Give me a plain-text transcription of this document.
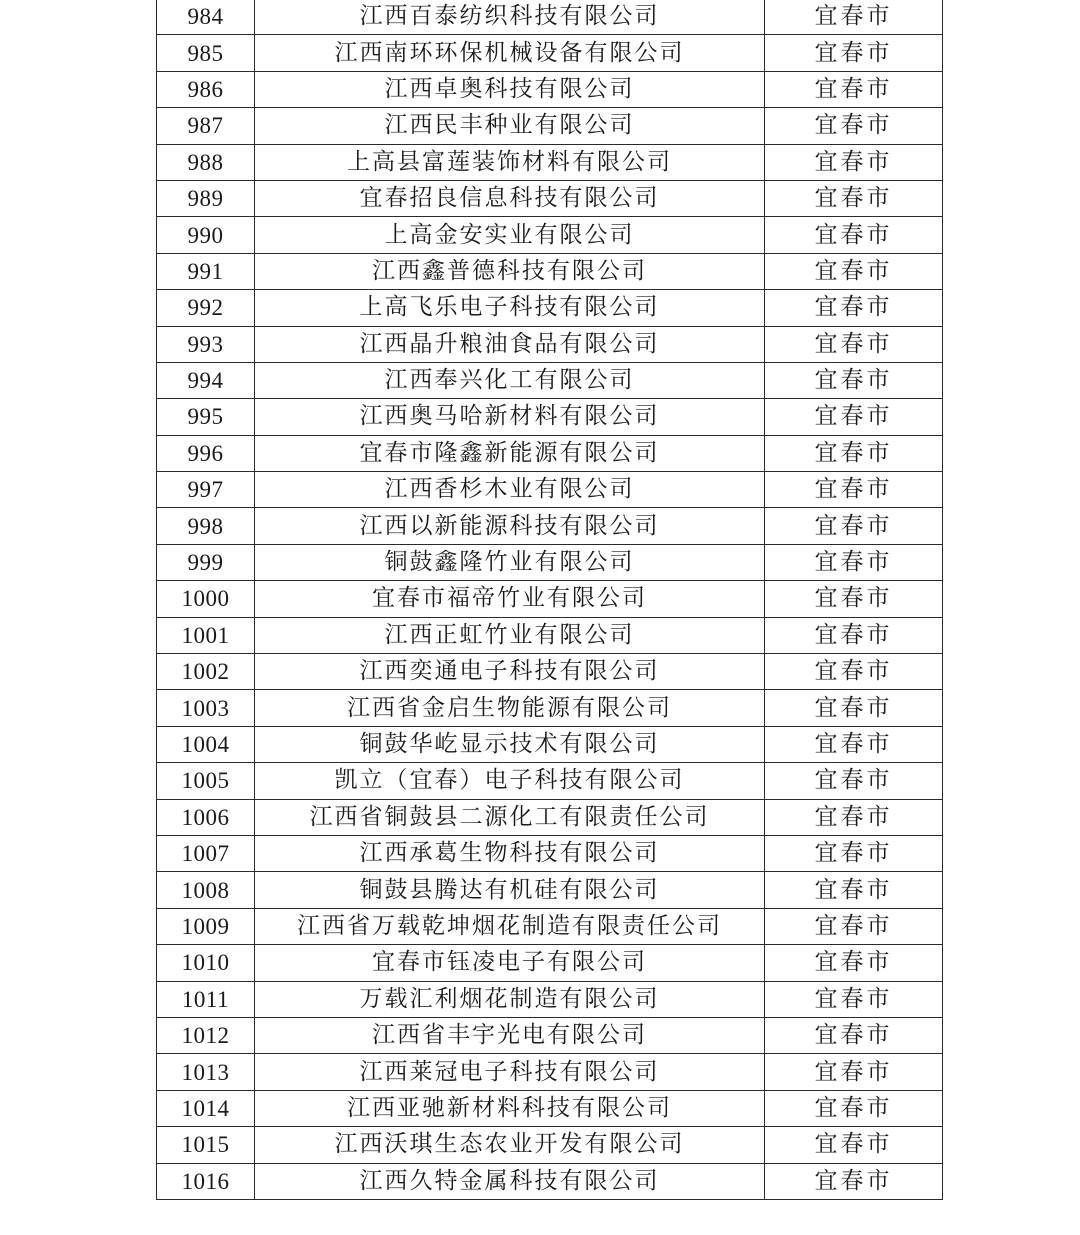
984	江西百泰纺织科技有限公司	宜春市
985	江西南环环保机械设备有限公司	宜春市
986	江西卓奥科技有限公司	宜春市
987	江西民丰种业有限公司	宜春市
988	上高县富莲装饰材料有限公司	宜春市
989	宜春招良信息科技有限公司	宜春市
990	上高金安实业有限公司	宜春市
991	江西鑫普德科技有限公司	宜春市
992	上高飞乐电子科技有限公司	宜春市
993	江西晶升粮油食品有限公司	宜春市
994	江西奉兴化工有限公司	宜春市
995	江西奥马哈新材料有限公司	宜春市
996	宜春市隆鑫新能源有限公司	宜春市
997	江西香杉木业有限公司	宜春市
998	江西以新能源科技有限公司	宜春市
999	铜鼓鑫隆竹业有限公司	宜春市
1000	宜春市福帝竹业有限公司	宜春市
1001	江西正虹竹业有限公司	宜春市
1002	江西奕通电子科技有限公司	宜春市
1003	江西省金启生物能源有限公司	宜春市
1004	铜鼓华屹显示技术有限公司	宜春市
1005	凯立（宜春）电子科技有限公司	宜春市
1006	江西省铜鼓县二源化工有限责任公司	宜春市
1007	江西承葛生物科技有限公司	宜春市
1008	铜鼓县腾达有机硅有限公司	宜春市
1009	江西省万载乾坤烟花制造有限责任公司	宜春市
1010	宜春市钰凌电子有限公司	宜春市
1011	万载汇利烟花制造有限公司	宜春市
1012	江西省丰宇光电有限公司	宜春市
1013	江西莱冠电子科技有限公司	宜春市
1014	江西亚驰新材料科技有限公司	宜春市
1015	江西沃琪生态农业开发有限公司	宜春市
1016	江西久特金属科技有限公司	宜春市
